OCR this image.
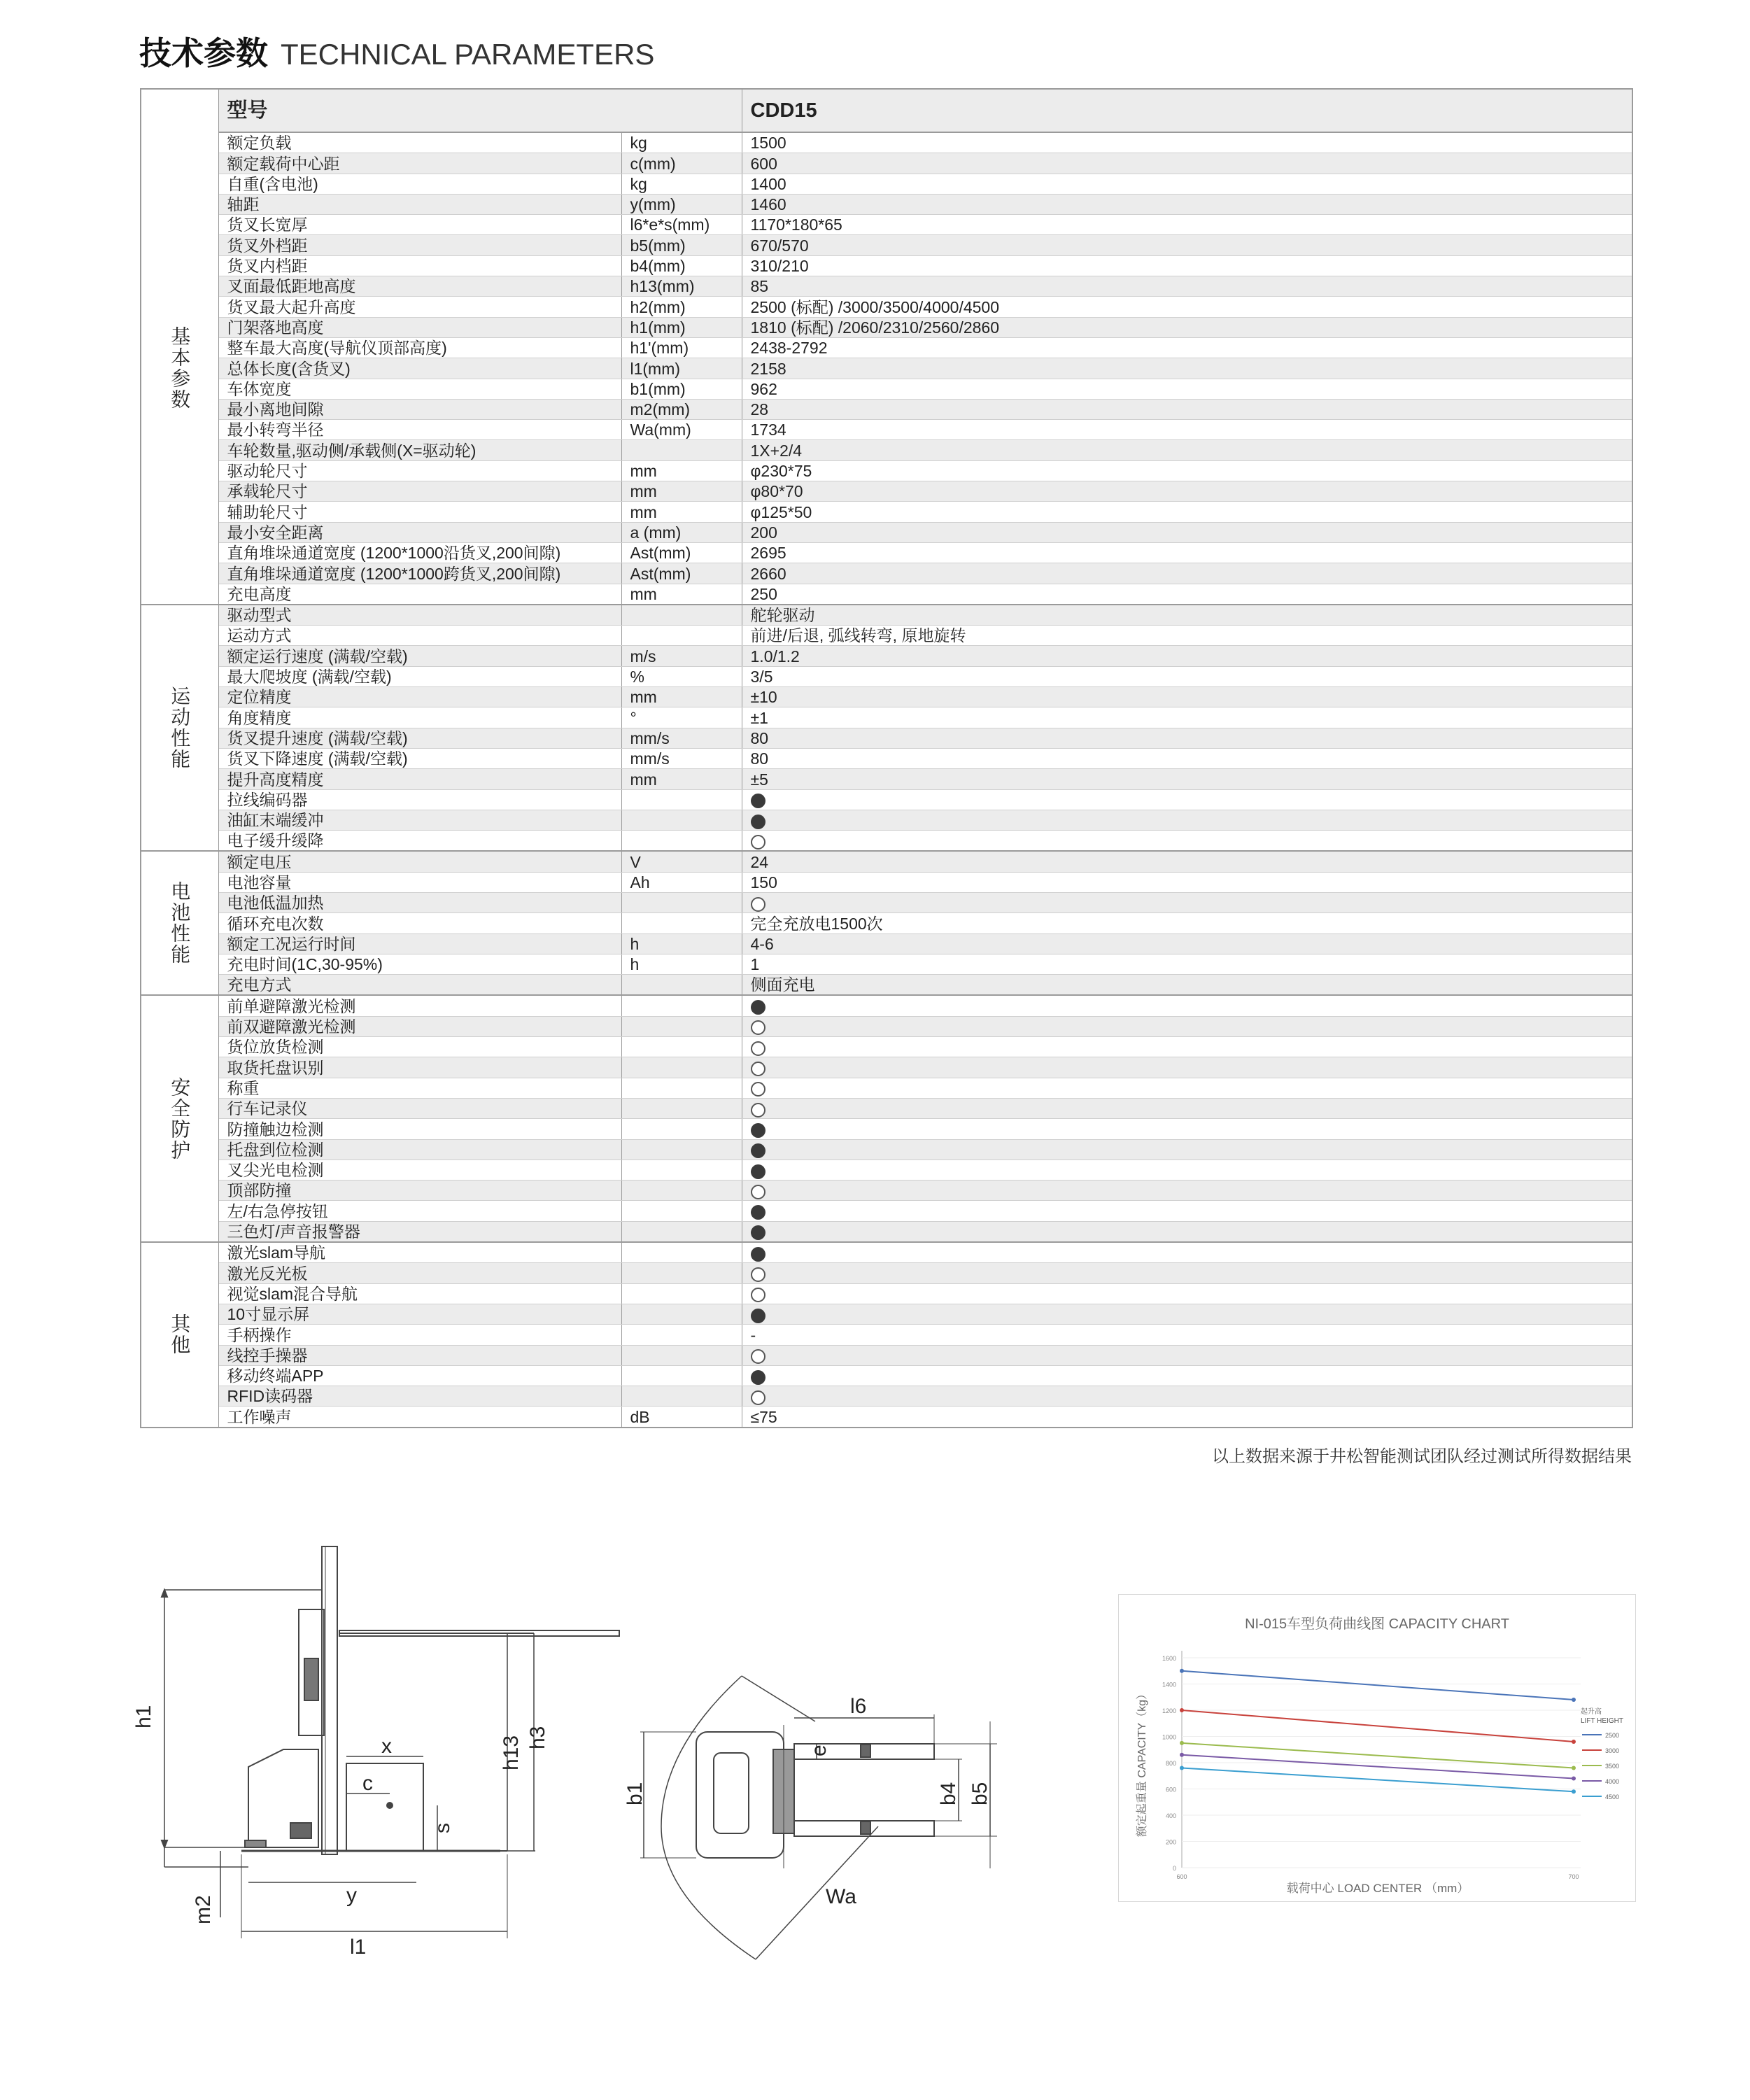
技术参数 TECHNICAL PARAMETERS
	型号		CDD15
基本参数	额定负载	kg	1500
	额定载荷中心距	c(mm)	600
	自重(含电池)	kg	1400
	轴距	y(mm)	1460
	货叉长宽厚	l6*e*s(mm)	1170*180*65
	货叉外档距	b5(mm)	670/570
	货叉内档距	b4(mm)	310/210
	叉面最低距地高度	h13(mm)	85
	货叉最大起升高度	h2(mm)	2500 (标配) /3000/3500/4000/4500
	门架落地高度	h1(mm)	1810 (标配) /2060/2310/2560/2860
	整车最大高度(导航仪顶部高度)	h1'(mm)	2438-2792
	总体长度(含货叉)	l1(mm)	2158
	车体宽度	b1(mm)	962
	最小离地间隙	m2(mm)	28
	最小转弯半径	Wa(mm)	1734
	车轮数量,驱动侧/承载侧(X=驱动轮)		1X+2/4
	驱动轮尺寸	mm	φ230*75
	承载轮尺寸	mm	φ80*70
	辅助轮尺寸	mm	φ125*50
	最小安全距离	a (mm)	200
	直角堆垛通道宽度 (1200*1000沿货叉,200间隙)	Ast(mm)	2695
	直角堆垛通道宽度 (1200*1000跨货叉,200间隙)	Ast(mm)	2660
	充电高度	mm	250
运动性能	驱动型式		舵轮驱动
	运动方式		前进/后退, 弧线转弯, 原地旋转
	额定运行速度 (满载/空载)	m/s	1.0/1.2
	最大爬坡度 (满载/空载)	%	3/5
	定位精度	mm	±10
	角度精度	°	±1
	货叉提升速度 (满载/空载)	mm/s	80
	货叉下降速度 (满载/空载)	mm/s	80
	提升高度精度	mm	±5
	拉线编码器		
	油缸末端缓冲		
	电子缓升缓降		
电池性能	额定电压	V	24
	电池容量	Ah	150
	电池低温加热		
	循环充电次数		完全充放电1500次
	额定工况运行时间	h	4-6
	充电时间(1C,30-95%)	h	1
	充电方式		侧面充电
安全防护	前单避障激光检测		
	前双避障激光检测		
	货位放货检测		
	取货托盘识别		
	称重		
	行车记录仪		
	防撞触边检测		
	托盘到位检测		
	叉尖光电检测		
	顶部防撞		
	左/右急停按钮		
	三色灯/声音报警器		
其他	激光slam导航		
	激光反光板		
	视觉slam混合导航		
	10寸显示屏		
	手柄操作		-
	线控手操器		
	移动终端APP		
	RFID读码器		
	工作噪声	dB	≤75
以上数据来源于井松智能测试团队经过测试所得数据结果
h1
h3
h13
x
c
s
y
l1
m2
l6
e
b1	b4 b5
Wa
NI-015车型负荷曲线图 CAPACITY CHART
0
200
400
600
800
1000
1200
1400
1600
600	700
2500
3000
3500
4000
4500
起升高
LIFT HEIGHT
载荷中心 LOAD CENTER （mm）
额定起重量 CAPACITY（kg）
